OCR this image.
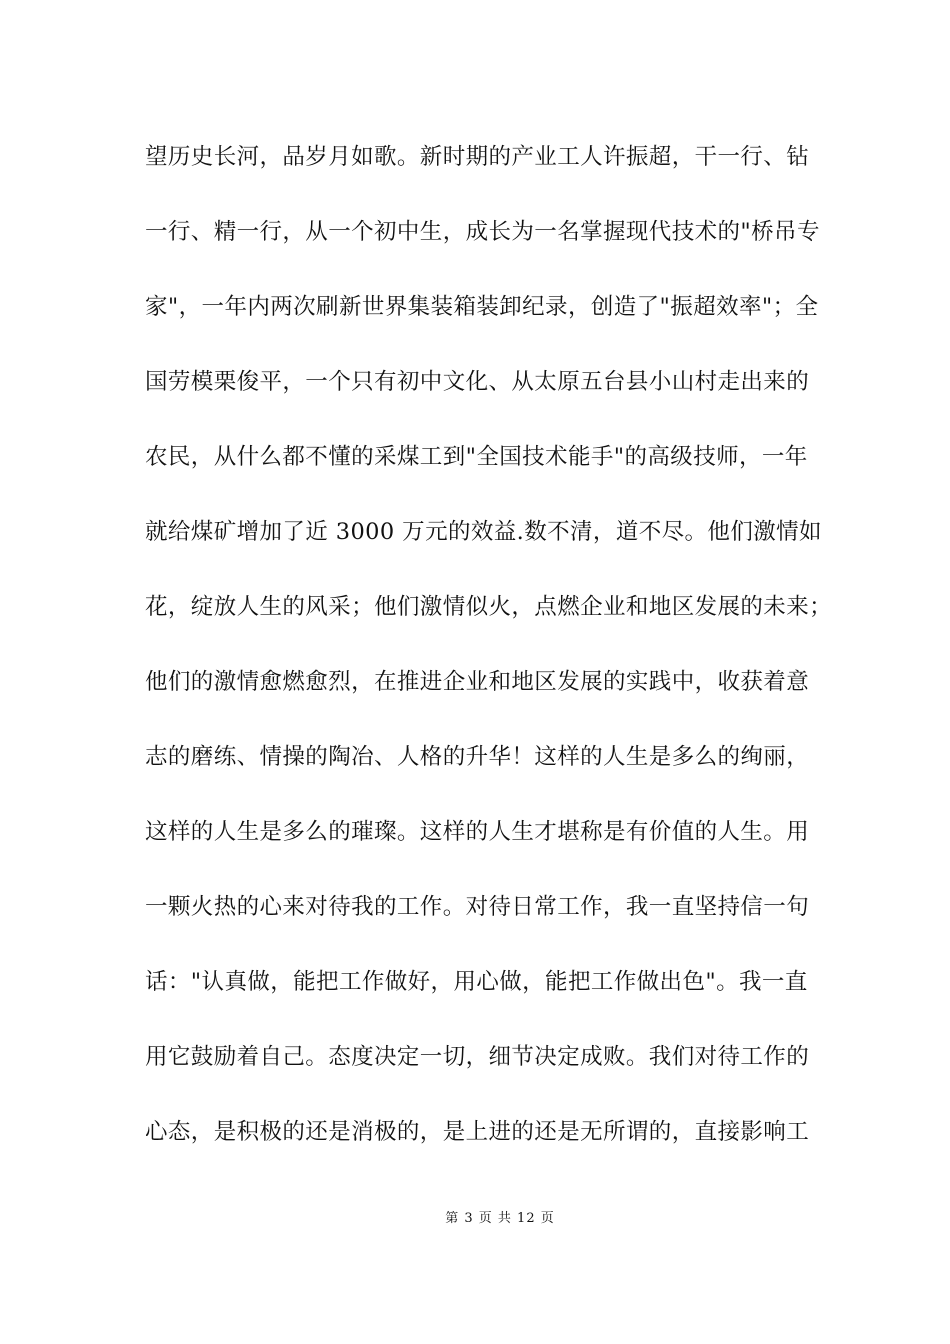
望历史长河，品岁月如歌。新时期的产业工人许振超，干一行、钻
一行、精一行，从一个初中生，成长为一名掌握现代技术的"桥吊专
家"，一年内两次刷新世界集装箱装卸纪录，创造了"振超效率"；全
国劳模栗俊平，一个只有初中文化、从太原五台县小山村走出来的
农民，从什么都不懂的采煤工到"全国技术能手"的高级技师，一年
就给煤矿增加了近 3000 万元的效益.数不清，道不尽。他们激情如
花，绽放人生的风采；他们激情似火，点燃企业和地区发展的未来；
他们的激情愈燃愈烈，在推进企业和地区发展的实践中，收获着意
志的磨练、情操的陶冶、人格的升华！这样的人生是多么的绚丽，
这样的人生是多么的璀璨。这样的人生才堪称是有价值的人生。用
一颗火热的心来对待我的工作。对待日常工作，我一直坚持信一句
话："认真做，能把工作做好，用心做，能把工作做出色"。我一直
用它鼓励着自己。态度决定一切，细节决定成败。我们对待工作的
心态，是积极的还是消极的，是上进的还是无所谓的，直接影响工
第 3 页 共 12 页
